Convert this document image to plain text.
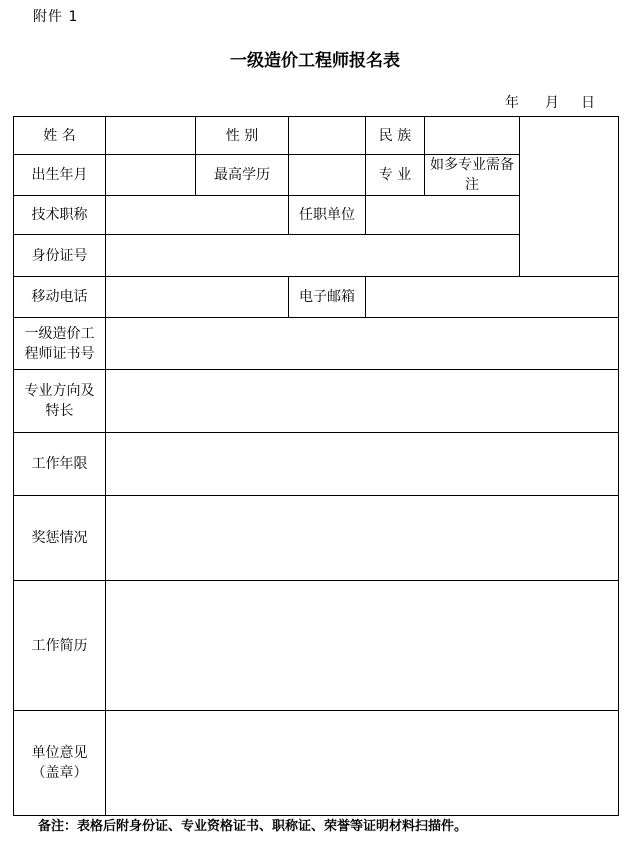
附件 1
一级造价工程师报名表
年 月 日
姓 名		性 别		民 族		
出生年月		最高学历		专 业	如多专业需备注	
技术职称			任职单位			
身份证号						
移动电话			电子邮箱			

一级造价工
程师证书号						

专业方向及
特长						

工作年限						
奖惩情况						
工作简历						

单位意见
（盖章）						

备注：表格后附身份证、专业资格证书、职称证、荣誉等证明材料扫描件。
